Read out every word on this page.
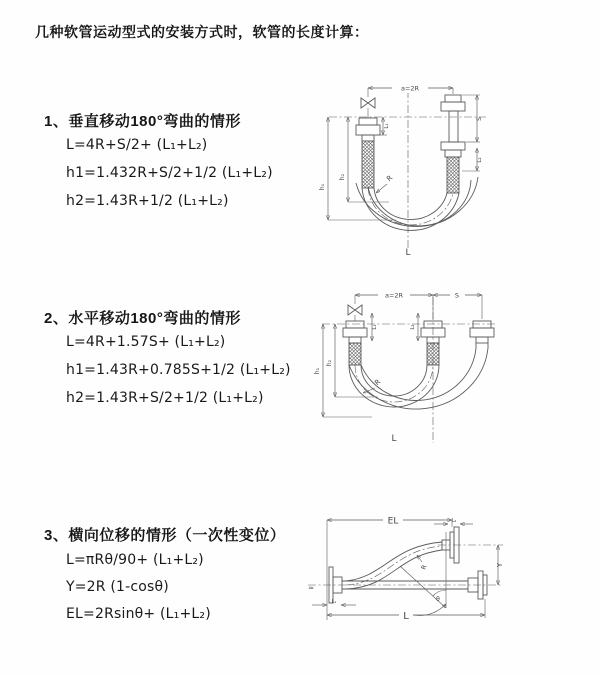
几种软管运动型式的安装方式时，软管的长度计算：
1、垂直移动180°弯曲的情形
L=4R+S/2+ (L₁+L₂)
h1=1.432R+S/2+1/2 (L₁+L₂)
h2=1.43R+1/2 (L₁+L₂)
2、水平移动180°弯曲的情形
L=4R+1.57S+ (L₁+L₂)
h1=1.43R+0.785S+1/2 (L₁+L₂)
h2=1.43R+S/2+1/2 (L₁+L₂)
3、横向位移的情形（一次性变位）
L=πRθ/90+ (L₁+L₂)
Y=2R (1-cosθ)
EL=2Rsinθ+ (L₁+L₂)
a=2R
S
L₂
L₁
h₁
h₂	R
L
a=2R	S
L₁	L₂
h₁
h₂
R
L
EL	L₂
Y
≈
L₁
R
θ
L
